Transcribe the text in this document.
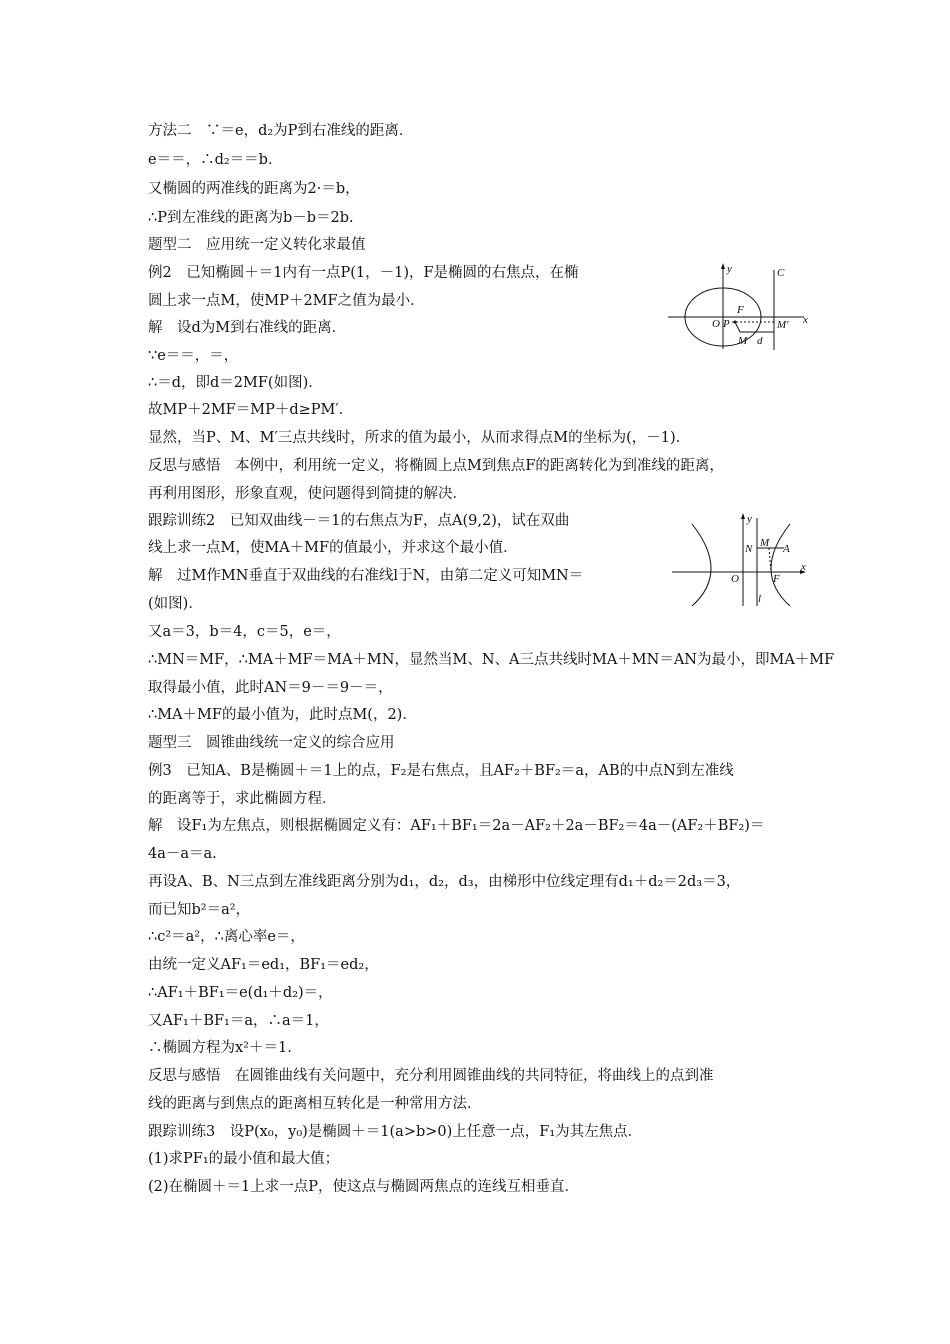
方法二　∵＝e，d₂为P到右准线的距离．
e＝＝，∴d₂＝＝b.
又椭圆的两准线的距离为2·＝b，
∴P到左准线的距离为b－b＝2b.
题型二　应用统一定义转化求最值
例2　已知椭圆＋＝1内有一点P(1，－1)，F是椭圆的右焦点，在椭
圆上求一点M，使MP＋2MF之值为最小．
解　设d为M到右准线的距离．
∵e＝＝，＝，
∴＝d，即d＝2MF(如图)．
故MP＋2MF＝MP＋d≥PM′．
显然，当P、M、M′三点共线时，所求的值为最小，从而求得点M的坐标为(，－1)．
反思与感悟　本例中，利用统一定义，将椭圆上点M到焦点F的距离转化为到准线的距离，
再利用图形，形象直观，使问题得到简捷的解决．
跟踪训练2　已知双曲线－＝1的右焦点为F，点A(9,2)，试在双曲
线上求一点M，使MA＋MF的值最小，并求这个最小值．
解　过M作MN垂直于双曲线的右准线l于N，由第二定义可知MN＝
(如图)．
又a＝3，b＝4，c＝5，e＝，
∴MN＝MF，∴MA＋MF＝MA＋MN，显然当M、N、A三点共线时MA＋MN＝AN为最小，即MA＋MF
取得最小值，此时AN＝9－＝9－＝，
∴MA＋MF的最小值为，此时点M(，2)．
题型三　圆锥曲线统一定义的综合应用
例3　已知A、B是椭圆＋＝1上的点，F₂是右焦点，且AF₂＋BF₂＝a，AB的中点N到左准线
的距离等于，求此椭圆方程．
解　设F₁为左焦点，则根据椭圆定义有：AF₁＋BF₁＝2a－AF₂＋2a－BF₂＝4a－(AF₂＋BF₂)＝
4a－a＝a.
再设A、B、N三点到左准线距离分别为d₁，d₂，d₃，由梯形中位线定理有d₁＋d₂＝2d₃＝3，
而已知b²＝a²，
∴c²＝a²，∴离心率e＝，
由统一定义AF₁＝ed₁，BF₁＝ed₂，
∴AF₁＋BF₁＝e(d₁＋d₂)＝，
又AF₁＋BF₁＝a，∴a＝1，
∴椭圆方程为x²＋＝1.
反思与感悟　在圆锥曲线有关问题中，充分利用圆锥曲线的共同特征，将曲线上的点到准
线的距离与到焦点的距离相互转化是一种常用方法．
跟踪训练3　设P(x₀，y₀)是椭圆＋＝1(a>b>0)上任意一点，F₁为其左焦点．
(1)求PF₁的最小值和最大值；
(2)在椭圆＋＝1上求一点P，使这点与椭圆两焦点的连线互相垂直．
y	C
O P
F
M
M′
d
x
y
N M A
O	F
x
l
